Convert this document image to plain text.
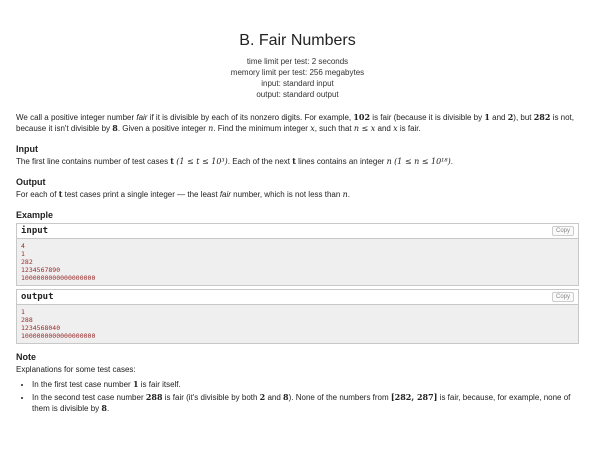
B. Fair Numbers
time limit per test: 2 seconds
memory limit per test: 256 megabytes
input: standard input
output: standard output

We call a positive integer number fair if it is divisible by each of its nonzero digits. For example, 102 is fair (because it is divisible by 1 and 2), but 282 is not, because it isn't divisible by 8. Given a positive integer n. Find the minimum integer x, such that n ≤ x and x is fair.

Input

The first line contains number of test cases t (1 ≤ t ≤ 10³). Each of the next t lines contains an integer n (1 ≤ n ≤ 10¹⁸).

Output

For each of t test cases print a single integer — the least fair number, which is not less than n.

Example
input	Copy
4
1
282
1234567890
1000000000000000000
output	Copy
1
288
1234568040
1000000000000000000
Note
Explanations for some test cases:
• In the first test case number 1 is fair itself.
• In the second test case number 288 is fair (it's divisible by both 2 and 8). None of the numbers from [282, 287] is fair, because, for example, none of them is divisible by 8.
